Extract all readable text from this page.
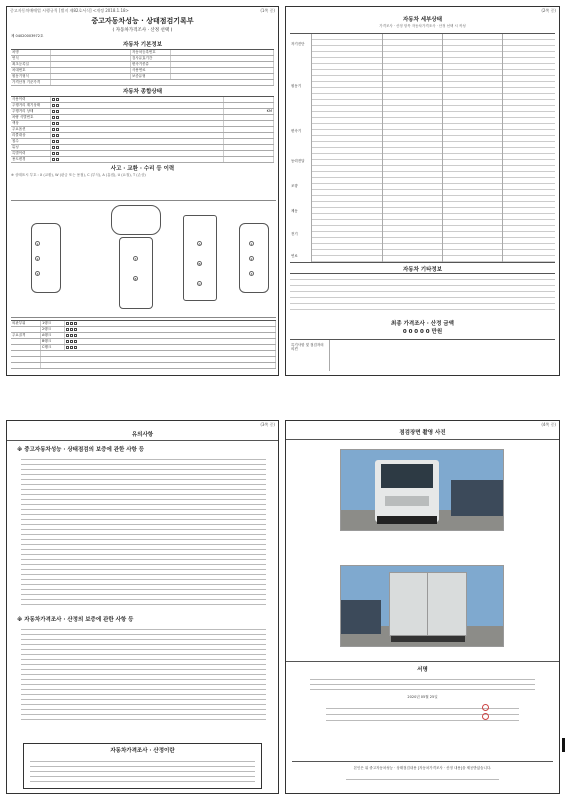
중고자동차매매업 시행규칙 [별지 제82호서식] <개정 2018.1.18>	(1쪽 중)
중고자동차성능 · 상태점검기록부
( 자동차가격조사 · 산정 선택 )
제 04020003972호
자동차 기본정보
차명	자동차등록번호
연식	검사유효기간
최초등록일	변속기종류
차대번호	사용연료
원동기형식	보증유형
가격산정 기준가격
자동차 종합상태
사용이력
주행거리 계기상태
주행거리 상태	KM
차량 식별번호
색상
주요옵션
리콜대상
침수
튜닝
특별이력
용도변경
사고 · 교환 · 수리 등 이력
※ 상태표시 부호 : X (교환), W (판금 또는 용접), C (부식), A (흠집), U (요철), T (손상)
1
2
3
7
8
A
B
C
1
2
3
외판부위	1랭크
2랭크
주요골격	A랭크
B랭크
C랭크
(2쪽 중)
자동차 세부상태
가격조사 · 산정 항목 자동차가격조사 · 산정 선택 시 작성
자기진단
원동기
변속기
동력전달
조향
제동
전기
연료
자동차 기타정보
최종 가격조사 · 산정 금액
0 0 0 0 0 만원
특기사항 및 점검자의 의견
(3쪽 중)
유의사항
※ 중고자동차성능 · 상태점검의 보증에 관한 사항 등
※ 자동차가격조사 · 산정의 보증에 관한 사항 등
자동차가격조사 · 산정이란
(4쪽 중)
점검장면 촬영 사진
서명
2020년 05월 25일
본인은 위 중고자동차성능 · 상태점검내용 [자동차가격조사 · 산정 내용]을 제공받았습니다.
